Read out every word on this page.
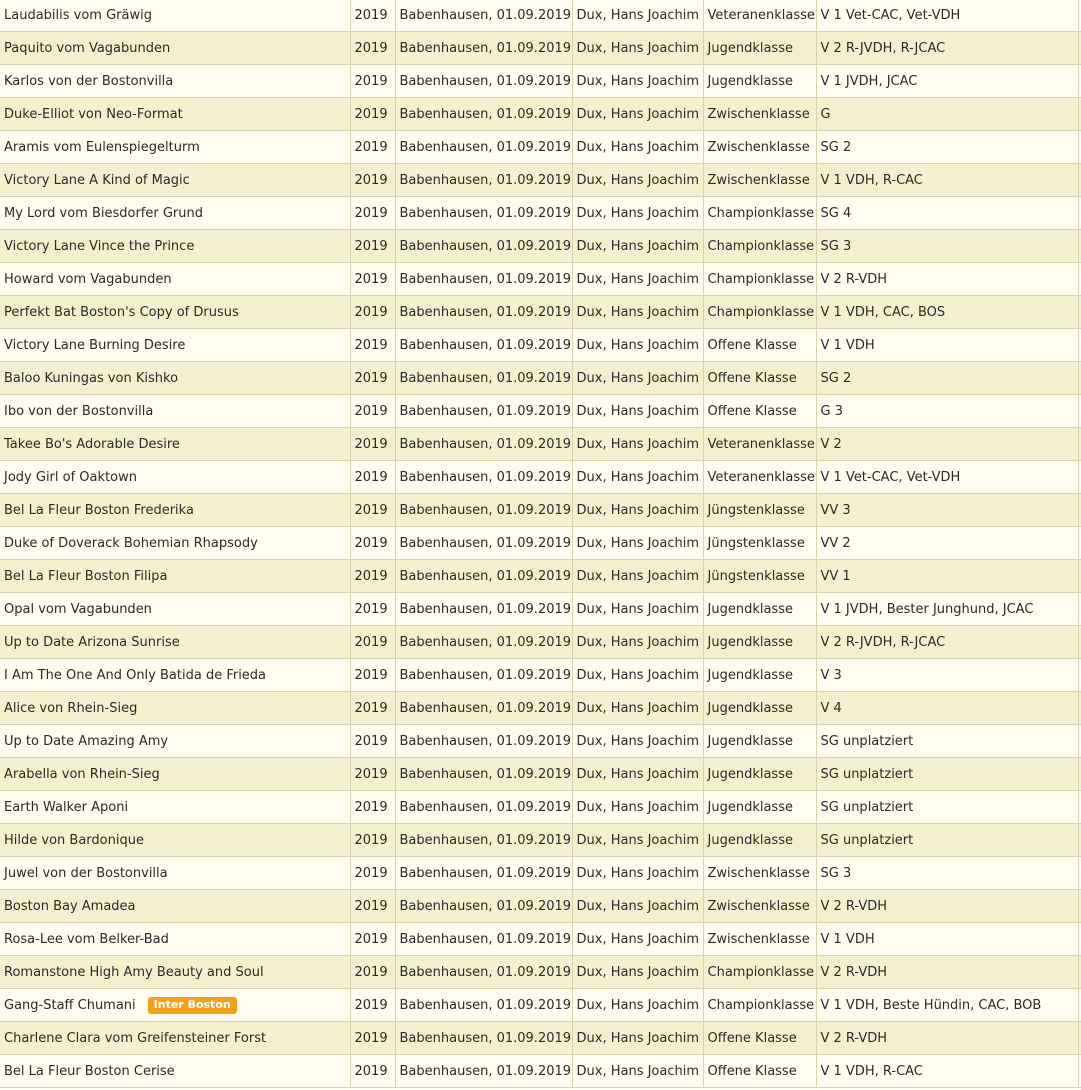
Laudabilis vom Gräwig	2019	Babenhausen, 01.09.2019	Dux, Hans Joachim	Veteranenklasse	V 1 Vet-CAC, Vet-VDH	
Paquito vom Vagabunden	2019	Babenhausen, 01.09.2019	Dux, Hans Joachim	Jugendklasse	V 2 R-JVDH, R-JCAC	
Karlos von der Bostonvilla	2019	Babenhausen, 01.09.2019	Dux, Hans Joachim	Jugendklasse	V 1 JVDH, JCAC	
Duke-Elliot von Neo-Format	2019	Babenhausen, 01.09.2019	Dux, Hans Joachim	Zwischenklasse	G	
Aramis vom Eulenspiegelturm	2019	Babenhausen, 01.09.2019	Dux, Hans Joachim	Zwischenklasse	SG 2	
Victory Lane A Kind of Magic	2019	Babenhausen, 01.09.2019	Dux, Hans Joachim	Zwischenklasse	V 1 VDH, R-CAC	
My Lord vom Biesdorfer Grund	2019	Babenhausen, 01.09.2019	Dux, Hans Joachim	Championklasse	SG 4	
Victory Lane Vince the Prince	2019	Babenhausen, 01.09.2019	Dux, Hans Joachim	Championklasse	SG 3	
Howard vom Vagabunden	2019	Babenhausen, 01.09.2019	Dux, Hans Joachim	Championklasse	V 2 R-VDH	
Perfekt Bat Boston's Copy of Drusus	2019	Babenhausen, 01.09.2019	Dux, Hans Joachim	Championklasse	V 1 VDH, CAC, BOS	
Victory Lane Burning Desire	2019	Babenhausen, 01.09.2019	Dux, Hans Joachim	Offene Klasse	V 1 VDH	
Baloo Kuningas von Kishko	2019	Babenhausen, 01.09.2019	Dux, Hans Joachim	Offene Klasse	SG 2	
Ibo von der Bostonvilla	2019	Babenhausen, 01.09.2019	Dux, Hans Joachim	Offene Klasse	G 3	
Takee Bo's Adorable Desire	2019	Babenhausen, 01.09.2019	Dux, Hans Joachim	Veteranenklasse	V 2	
Jody Girl of Oaktown	2019	Babenhausen, 01.09.2019	Dux, Hans Joachim	Veteranenklasse	V 1 Vet-CAC, Vet-VDH	
Bel La Fleur Boston Frederika	2019	Babenhausen, 01.09.2019	Dux, Hans Joachim	Jüngstenklasse	VV 3	
Duke of Doverack Bohemian Rhapsody	2019	Babenhausen, 01.09.2019	Dux, Hans Joachim	Jüngstenklasse	VV 2	
Bel La Fleur Boston Filipa	2019	Babenhausen, 01.09.2019	Dux, Hans Joachim	Jüngstenklasse	VV 1	
Opal vom Vagabunden	2019	Babenhausen, 01.09.2019	Dux, Hans Joachim	Jugendklasse	V 1 JVDH, Bester Junghund, JCAC	
Up to Date Arizona Sunrise	2019	Babenhausen, 01.09.2019	Dux, Hans Joachim	Jugendklasse	V 2 R-JVDH, R-JCAC	
I Am The One And Only Batida de Frieda	2019	Babenhausen, 01.09.2019	Dux, Hans Joachim	Jugendklasse	V 3	
Alice von Rhein-Sieg	2019	Babenhausen, 01.09.2019	Dux, Hans Joachim	Jugendklasse	V 4	
Up to Date Amazing Amy	2019	Babenhausen, 01.09.2019	Dux, Hans Joachim	Jugendklasse	SG unplatziert	
Arabella von Rhein-Sieg	2019	Babenhausen, 01.09.2019	Dux, Hans Joachim	Jugendklasse	SG unplatziert	
Earth Walker Aponi	2019	Babenhausen, 01.09.2019	Dux, Hans Joachim	Jugendklasse	SG unplatziert	
Hilde von Bardonique	2019	Babenhausen, 01.09.2019	Dux, Hans Joachim	Jugendklasse	SG unplatziert	
Juwel von der Bostonvilla	2019	Babenhausen, 01.09.2019	Dux, Hans Joachim	Zwischenklasse	SG 3	
Boston Bay Amadea	2019	Babenhausen, 01.09.2019	Dux, Hans Joachim	Zwischenklasse	V 2 R-VDH	
Rosa-Lee vom Belker-Bad	2019	Babenhausen, 01.09.2019	Dux, Hans Joachim	Zwischenklasse	V 1 VDH	
Romanstone High Amy Beauty and Soul	2019	Babenhausen, 01.09.2019	Dux, Hans Joachim	Championklasse	V 2 R-VDH	
Gang-Staff Chumani Inter Boston	2019	Babenhausen, 01.09.2019	Dux, Hans Joachim	Championklasse	V 1 VDH, Beste Hündin, CAC, BOB	
Charlene Clara vom Greifensteiner Forst	2019	Babenhausen, 01.09.2019	Dux, Hans Joachim	Offene Klasse	V 2 R-VDH	
Bel La Fleur Boston Cerise	2019	Babenhausen, 01.09.2019	Dux, Hans Joachim	Offene Klasse	V 1 VDH, R-CAC	
